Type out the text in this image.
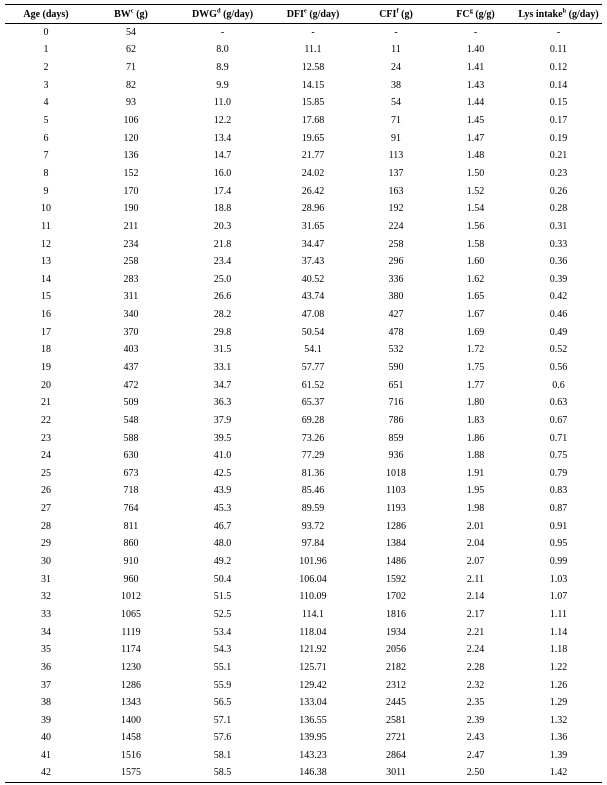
Age (days)	$BW^c$ (g)	DWG$^d$ (g/day)	DFI$^e$ (g/day)	CFI$^f$ (g)	$FC^g$ (g/g)	Lys intake$^h$ (g/day)
0	54	-	-	-	-	-
1	62	8.0	11.1	11	1.40	0.11
2	71	8.9	12.58	24	1.41	0.12
3	82	9.9	14.15	38	1.43	0.14
4	93	11.0	15.85	54	1.44	0.15
5	106	12.2	17.68	71	1.45	0.17
6	120	13.4	19.65	91	1.47	0.19
7	136	14.7	21.77	113	1.48	0.21
8	152	16.0	24.02	137	1.50	0.23
9	170	17.4	26.42	163	1.52	0.26
10	190	18.8	28.96	192	1.54	0.28
11	211	20.3	31.65	224	1.56	0.31
12	234	21.8	34.47	258	1.58	0.33
13	258	23.4	37.43	296	1.60	0.36
14	283	25.0	40.52	336	1.62	0.39
15	311	26.6	43.74	380	1.65	0.42
16	340	28.2	47.08	427	1.67	0.46
17	370	29.8	50.54	478	1.69	0.49
18	403	31.5	54.1	532	1.72	0.52
19	437	33.1	57.77	590	1.75	0.56
20	472	34.7	61.52	651	1.77	0.6
21	509	36.3	65.37	716	1.80	0.63
22	548	37.9	69.28	786	1.83	0.67
23	588	39.5	73.26	859	1.86	0.71
24	630	41.0	77.29	936	1.88	0.75
25	673	42.5	81.36	1018	1.91	0.79
26	718	43.9	85.46	1103	1.95	0.83
27	764	45.3	89.59	1193	1.98	0.87
28	811	46.7	93.72	1286	2.01	0.91
29	860	48.0	97.84	1384	2.04	0.95
30	910	49.2	101.96	1486	2.07	0.99
31	960	50.4	106.04	1592	2.11	1.03
32	1012	51.5	110.09	1702	2.14	1.07
33	1065	52.5	114.1	1816	2.17	1.11
34	1119	53.4	118.04	1934	2.21	1.14
35	1174	54.3	121.92	2056	2.24	1.18
36	1230	55.1	125.71	2182	2.28	1.22
37	1286	55.9	129.42	2312	2.32	1.26
38	1343	56.5	133.04	2445	2.35	1.29
39	1400	57.1	136.55	2581	2.39	1.32
40	1458	57.6	139.95	2721	2.43	1.36
41	1516	58.1	143.23	2864	2.47	1.39
42	1575	58.5	146.38	3011	2.50	1.42
